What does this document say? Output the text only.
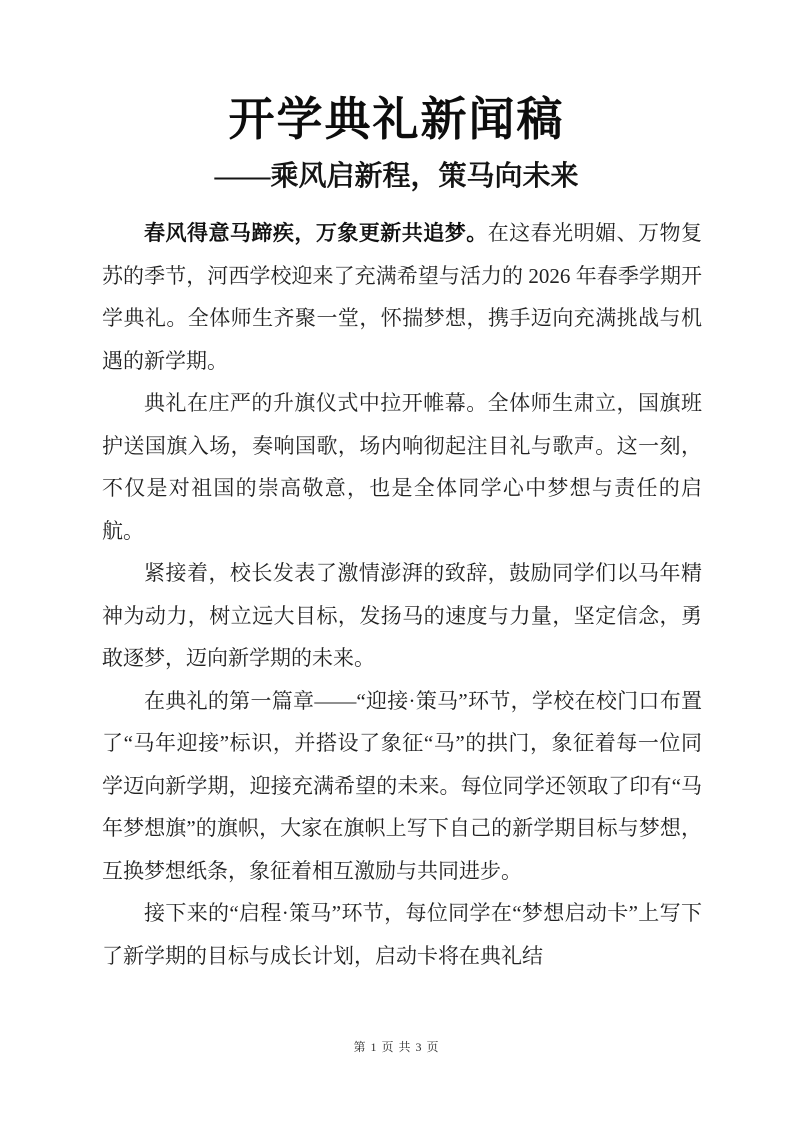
开学典礼新闻稿
——乘风启新程，策马向未来

春风得意马蹄疾，万象更新共追梦。在这春光明媚、万物复苏的季节，河西学校迎来了充满希望与活力的 2026 年春季学期开学典礼。全体师生齐聚一堂，怀揣梦想，携手迈向充满挑战与机遇的新学期。

典礼在庄严的升旗仪式中拉开帷幕。全体师生肃立，国旗班护送国旗入场，奏响国歌，场内响彻起注目礼与歌声。这一刻，不仅是对祖国的崇高敬意，也是全体同学心中梦想与责任的启航。

紧接着，校长发表了激情澎湃的致辞，鼓励同学们以马年精神为动力，树立远大目标，发扬马的速度与力量，坚定信念，勇敢逐梦，迈向新学期的未来。

在典礼的第一篇章——“迎接·策马”环节，学校在校门口布置了“马年迎接”标识，并搭设了象征“马”的拱门，象征着每一位同学迈向新学期，迎接充满希望的未来。每位同学还领取了印有“马年梦想旗”的旗帜，大家在旗帜上写下自己的新学期目标与梦想，互换梦想纸条，象征着相互激励与共同进步。

接下来的“启程·策马”环节，每位同学在“梦想启动卡”上写下了新学期的目标与成长计划，启动卡将在典礼结

第 1 页 共 3 页
